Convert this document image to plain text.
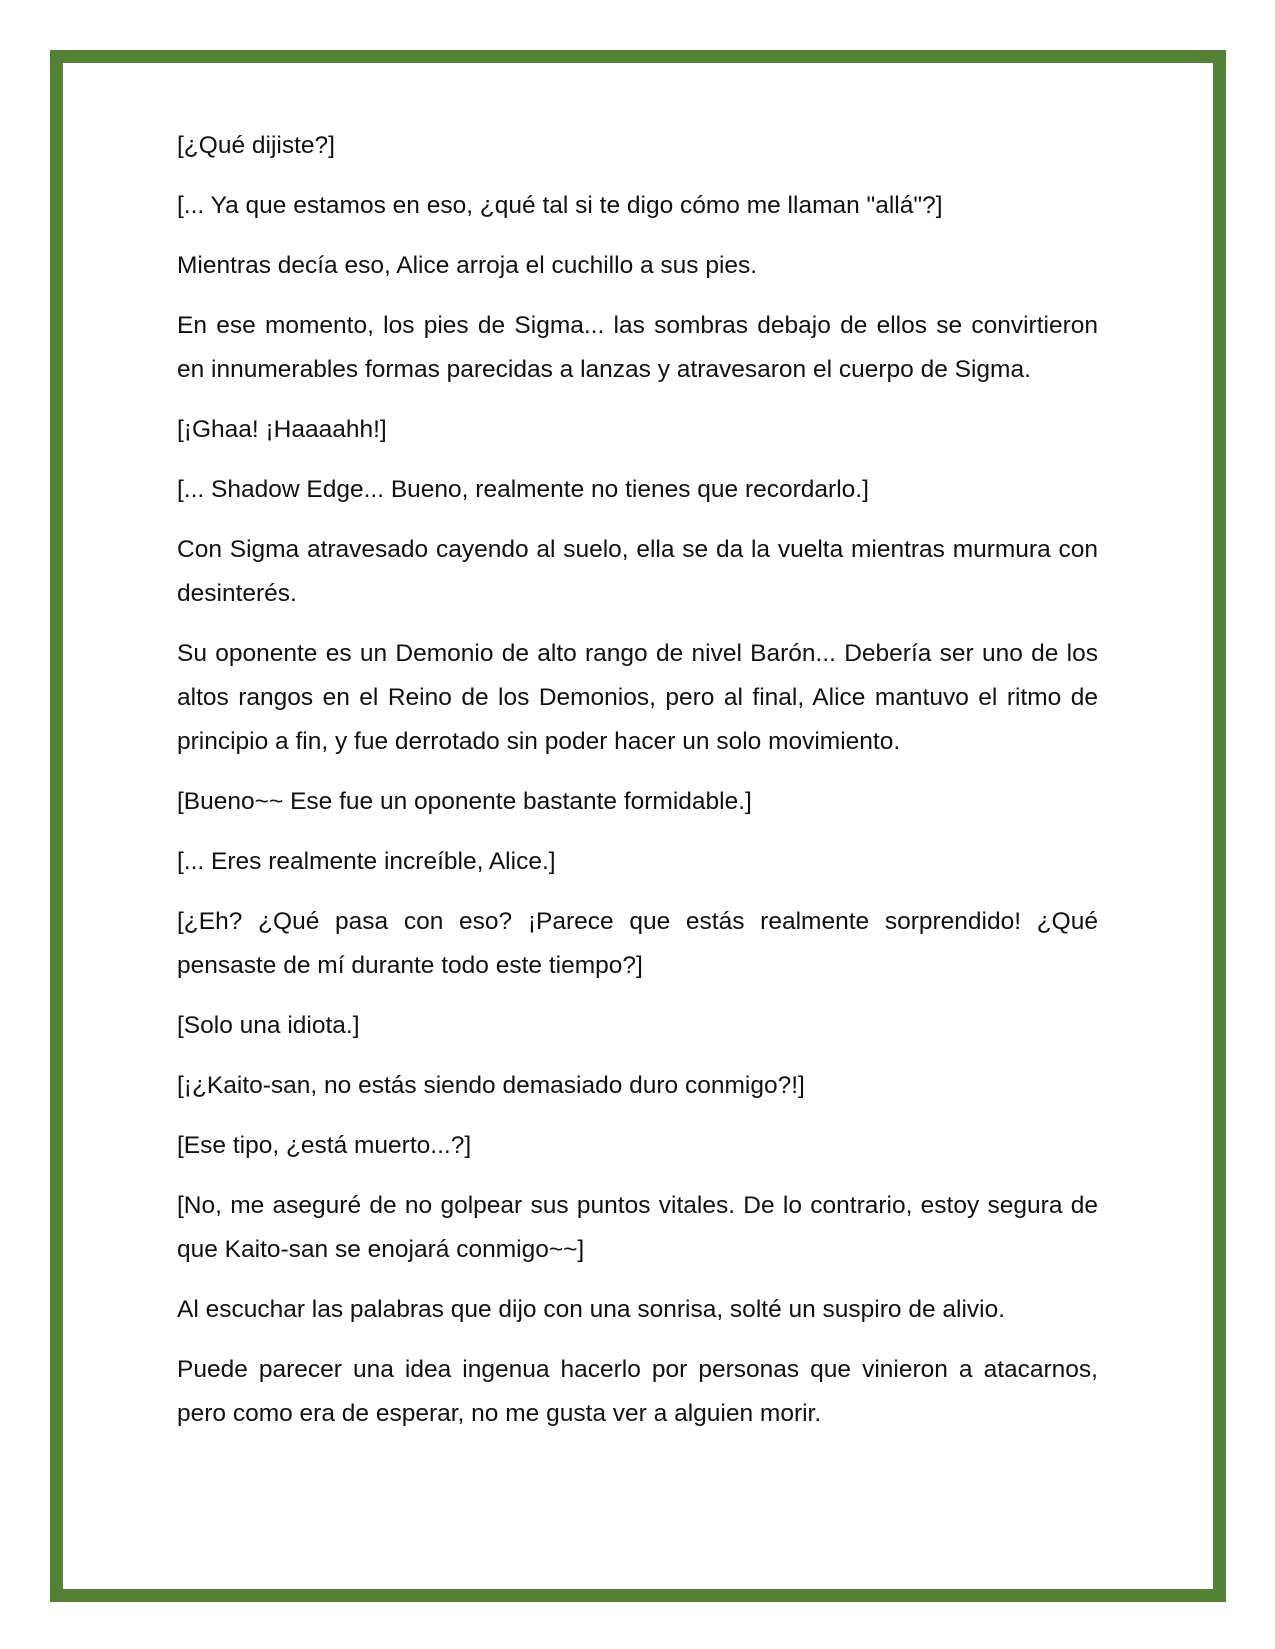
[¿Qué dijiste?]

[... Ya que estamos en eso, ¿qué tal si te digo cómo me llaman "allá"?]

Mientras decía eso, Alice arroja el cuchillo a sus pies.

En ese momento, los pies de Sigma... las sombras debajo de ellos se convirtieron en innumerables formas parecidas a lanzas y atravesaron el cuerpo de Sigma.

[¡Ghaa! ¡Haaaahh!]

[... Shadow Edge... Bueno, realmente no tienes que recordarlo.]

Con Sigma atravesado cayendo al suelo, ella se da la vuelta mientras murmura con desinterés.

Su oponente es un Demonio de alto rango de nivel Barón... Debería ser uno de los altos rangos en el Reino de los Demonios, pero al final, Alice mantuvo el ritmo de principio a fin, y fue derrotado sin poder hacer un solo movimiento.

[Bueno~~ Ese fue un oponente bastante formidable.]

[... Eres realmente increíble, Alice.]

[¿Eh? ¿Qué pasa con eso? ¡Parece que estás realmente sorprendido! ¿Qué pensaste de mí durante todo este tiempo?]

[Solo una idiota.]

[¡¿Kaito-san, no estás siendo demasiado duro conmigo?!]

[Ese tipo, ¿está muerto...?]

[No, me aseguré de no golpear sus puntos vitales. De lo contrario, estoy segura de que Kaito-san se enojará conmigo~~]

Al escuchar las palabras que dijo con una sonrisa, solté un suspiro de alivio.

Puede parecer una idea ingenua hacerlo por personas que vinieron a atacarnos, pero como era de esperar, no me gusta ver a alguien morir.
